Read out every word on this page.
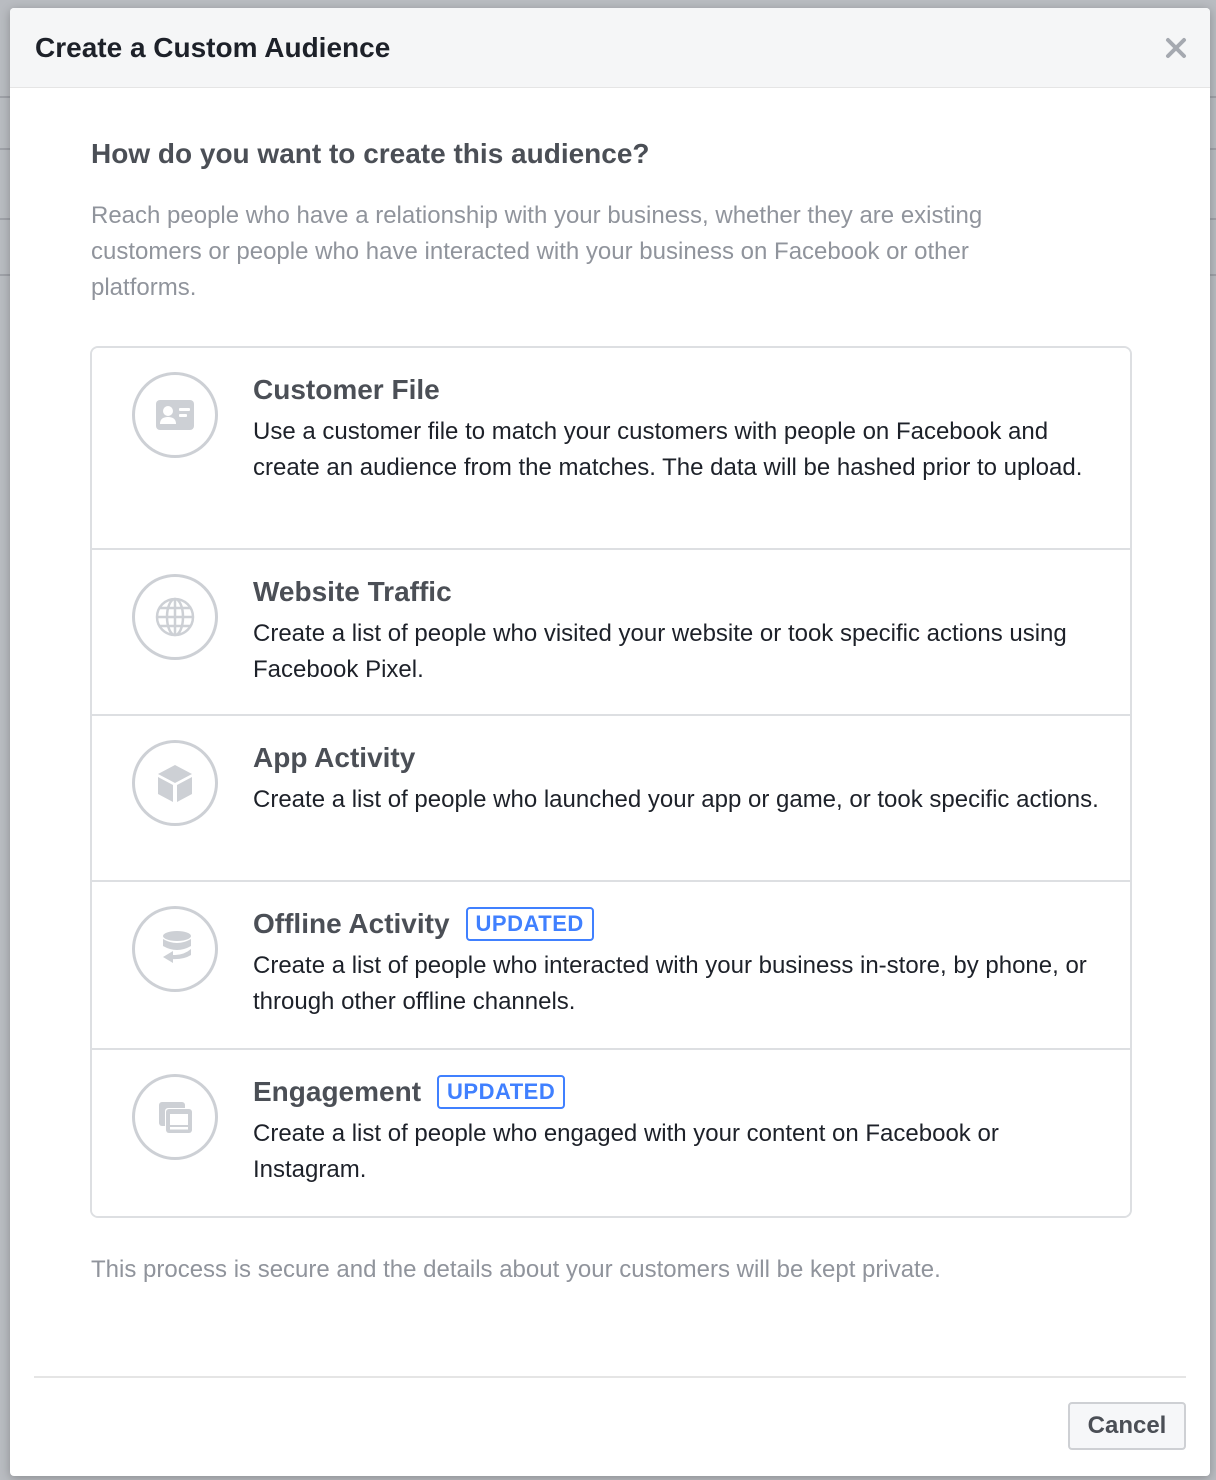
Create a Custom Audience
How do you want to create this audience?
Reach people who have a relationship with your business, whether they are existing customers or people who have interacted with your business on Facebook or other platforms.
Customer File
Use a customer file to match your customers with people on Facebook and create an audience from the matches. The data will be hashed prior to upload.
Website Traffic
Create a list of people who visited your website or took specific actions using Facebook Pixel.
App Activity
Create a list of people who launched your app or game, or took specific actions.
Offline Activity	UPDATED
Create a list of people who interacted with your business in-store, by phone, or through other offline channels.
Engagement	UPDATED
Create a list of people who engaged with your content on Facebook or Instagram.
This process is secure and the details about your customers will be kept private.
Cancel
